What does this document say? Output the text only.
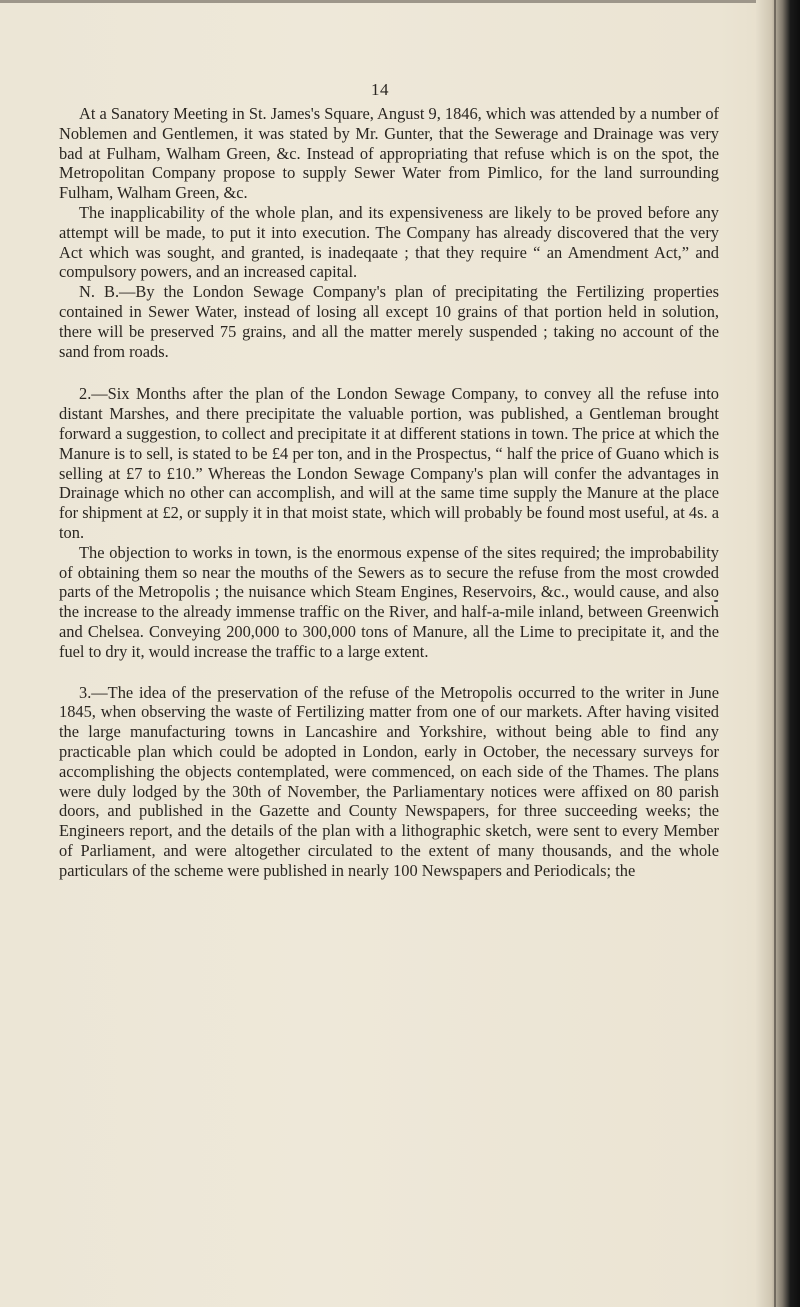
14

At a Sanatory Meeting in St. James's Square, Angust 9, 1846, which was attended by a number of Noblemen and Gentlemen, it was stated by Mr. Gunter, that the Sewerage and Drainage was very bad at Fulham, Walham Green, &c. Instead of appropriating that refuse which is on the spot, the Metropolitan Company propose to supply Sewer Water from Pimlico, for the land surrounding Fulham, Walham Green, &c.

The inapplicability of the whole plan, and its expensiveness are likely to be proved before any attempt will be made, to put it into execution. The Company has already discovered that the very Act which was sought, and granted, is inadeqaate ; that they require “ an Amendment Act,” and compulsory powers, and an increased capital.

N. B.—By the London Sewage Company's plan of precipitating the Fertilizing properties contained in Sewer Water, instead of losing all except 10 grains of that portion held in solution, there will be preserved 75 grains, and all the matter merely suspended ; taking no account of the sand from roads.

2.—Six Months after the plan of the London Sewage Company, to convey all the refuse into distant Marshes, and there precipitate the valuable portion, was published, a Gentleman brought forward a suggestion, to collect and precipitate it at different stations in town. The price at which the Manure is to sell, is stated to be £4 per ton, and in the Prospectus, “ half the price of Guano which is selling at £7 to £10.” Whereas the London Sewage Company's plan will confer the advantages in Drainage which no other can accomplish, and will at the same time supply the Manure at the place for shipment at £2, or supply it in that moist state, which will probably be found most useful, at 4s. a ton.

The objection to works in town, is the enormous expense of the sites required; the improbability of obtaining them so near the mouths of the Sewers as to secure the refuse from the most crowded parts of the Metropolis ; the nuisance which Steam Engines, Reservoirs, &c., would cause, and also the increase to the already immense traffic on the River, and half-a-mile inland, between Greenwich and Chelsea. Conveying 200,000 to 300,000 tons of Manure, all the Lime to precipitate it, and the fuel to dry it, would increase the traffic to a large extent.

3.—The idea of the preservation of the refuse of the Metropolis occurred to the writer in June 1845, when observing the waste of Fertilizing matter from one of our markets. After having visited the large manufacturing towns in Lancashire and Yorkshire, without being able to find any practicable plan which could be adopted in London, early in October, the necessary surveys for accomplishing the objects contemplated, were commenced, on each side of the Thames. The plans were duly lodged by the 30th of November, the Parliamentary notices were affixed on 80 parish doors, and published in the Gazette and County Newspapers, for three succeeding weeks; the Engineers report, and the details of the plan with a lithographic sketch, were sent to every Member of Parliament, and were altogether circulated to the extent of many thousands, and the whole particulars of the scheme were published in nearly 100 Newspapers and Periodicals; the
